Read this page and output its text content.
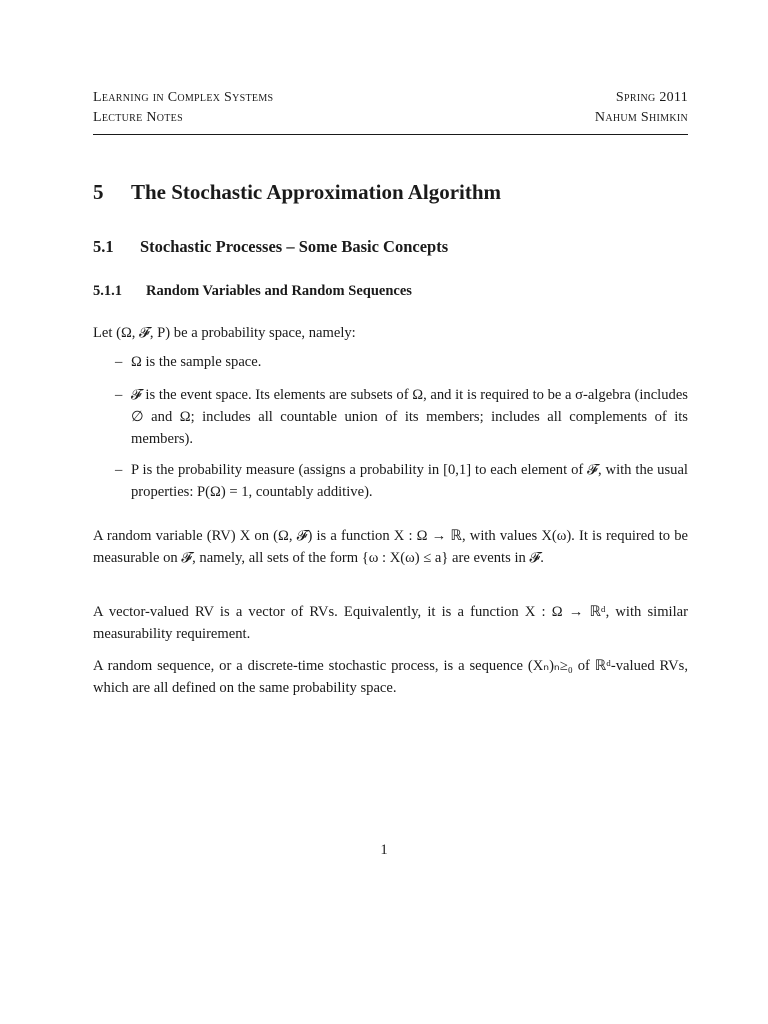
Learning in Complex Systems	Spring 2011
Lecture Notes	Nahum Shimkin
5	The Stochastic Approximation Algorithm
5.1	Stochastic Processes – Some Basic Concepts
5.1.1	Random Variables and Random Sequences
Let (Ω, 𝓕, P) be a probability space, namely:
– Ω is the sample space.
– 𝓕 is the event space. Its elements are subsets of Ω, and it is required to be a σ-algebra (includes ∅ and Ω; includes all countable union of its members; includes all complements of its members).
– P is the probability measure (assigns a probability in [0,1] to each element of 𝓕, with the usual properties: P(Ω) = 1, countably additive).
A random variable (RV) X on (Ω, 𝓕) is a function X : Ω → ℝ, with values X(ω). It is required to be measurable on 𝓕, namely, all sets of the form {ω : X(ω) ≤ a} are events in 𝓕.
A vector-valued RV is a vector of RVs. Equivalently, it is a function X : Ω → ℝᵈ, with similar measurability requirement.
A random sequence, or a discrete-time stochastic process, is a sequence (Xₙ)ₙ≥₀ of ℝᵈ-valued RVs, which are all defined on the same probability space.
1
